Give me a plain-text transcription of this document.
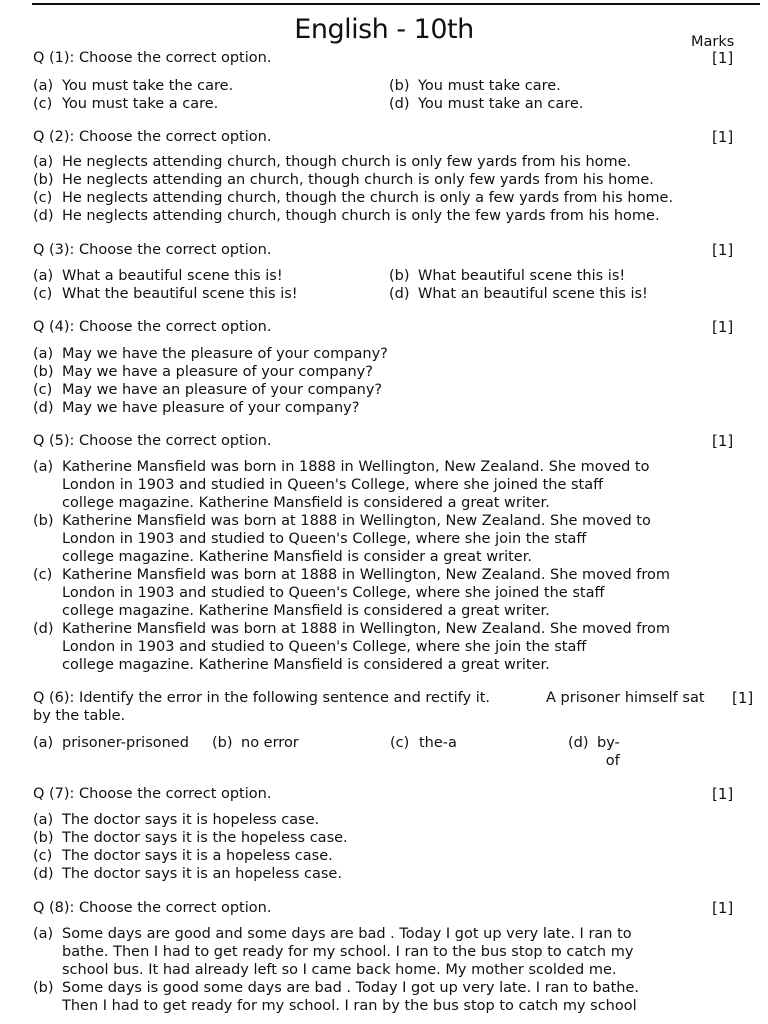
English - 10th	Marks
Q (1): Choose the correct option.	[1]
(a) You must take the care.	(b) You must take care.
(c) You must take a care.	(d) You must take an care.
Q (2): Choose the correct option.	[1]
(a) He neglects attending church, though church is only few yards from his home.
(b) He neglects attending an church, though church is only few yards from his home.
(c) He neglects attending church, though the church is only a few yards from his home.
(d) He neglects attending church, though church is only the few yards from his home.
Q (3): Choose the correct option.	[1]
(a) What a beautiful scene this is!	(b) What beautiful scene this is!
(c) What the beautiful scene this is!	(d) What an beautiful scene this is!
Q (4): Choose the correct option.	[1]
(a) May we have the pleasure of your company?
(b) May we have a pleasure of your company?
(c) May we have an pleasure of your company?
(d) May we have pleasure of your company?
Q (5): Choose the correct option.	[1]
(a) Katherine Mansfield was born in 1888 in Wellington, New Zealand. She moved to
London in 1903 and studied in Queen's College, where she joined the staff
college magazine. Katherine Mansfield is considered a great writer.
(b) Katherine Mansfield was born at 1888 in Wellington, New Zealand. She moved to
London in 1903 and studied to Queen's College, where she join the staff
college magazine. Katherine Mansfield is consider a great writer.
(c) Katherine Mansfield was born at 1888 in Wellington, New Zealand. She moved from
London in 1903 and studied to Queen's College, where she joined the staff
college magazine. Katherine Mansfield is considered a great writer.
(d) Katherine Mansfield was born at 1888 in Wellington, New Zealand. She moved from
London in 1903 and studied to Queen's College, where she join the staff
college magazine. Katherine Mansfield is considered a great writer.
Q (6): Identify the error in the following sentence and rectify it.	A prisoner himself sat [1]
by the table.
(a) prisoner-prisoned (b) no error	(c) the-a	(d) by-
of
Q (7): Choose the correct option.	[1]
(a) The doctor says it is hopeless case.
(b) The doctor says it is the hopeless case.
(c) The doctor says it is a hopeless case.
(d) The doctor says it is an hopeless case.
Q (8): Choose the correct option.	[1]
(a) Some days are good and some days are bad . Today I got up very late. I ran to
bathe. Then I had to get ready for my school. I ran to the bus stop to catch my
school bus. It had already left so I came back home. My mother scolded me.
(b) Some days is good some days are bad . Today I got up very late. I ran to bathe.
Then I had to get ready for my school. I ran by the bus stop to catch my school
